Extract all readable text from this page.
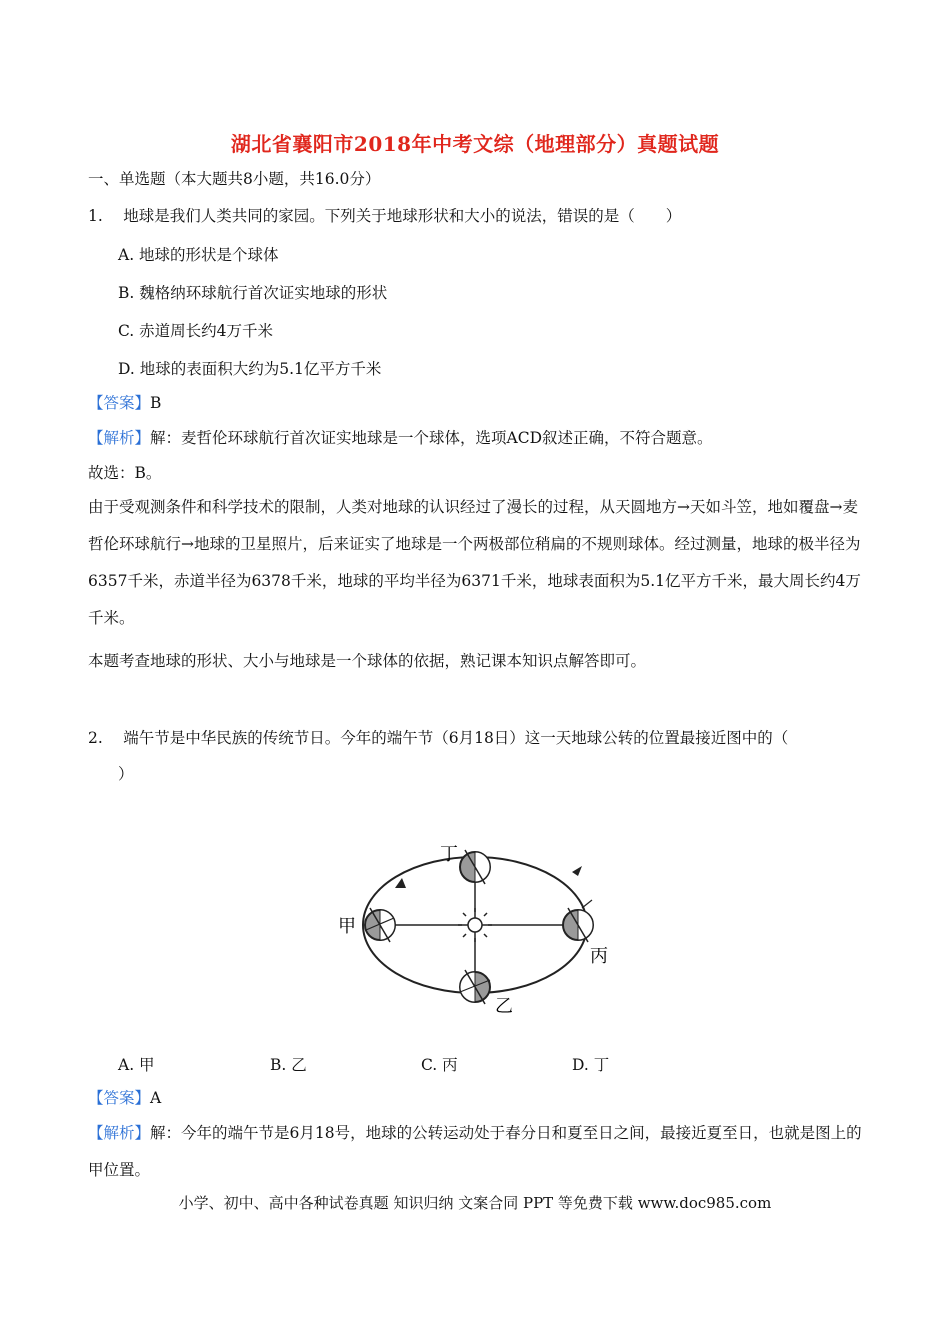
湖北省襄阳市2018年中考文综（地理部分）真题试题
一、单选题（本大题共8小题，共16.0分）
1.　 地球是我们人类共同的家园。下列关于地球形状和大小的说法，错误的是（　　）
A. 地球的形状是个球体
B. 魏格纳环球航行首次证实地球的形状
C. 赤道周长约4万千米
D. 地球的表面积大约为5.1亿平方千米
【答案】B
【解析】解：麦哲伦环球航行首次证实地球是一个球体，选项ACD叙述正确，不符合题意。
故选：B。
由于受观测条件和科学技术的限制，人类对地球的认识经过了漫长的过程，从天圆地方→天如斗笠，地如覆盘→麦哲伦环球航行→地球的卫星照片，后来证实了地球是一个两极部位稍扁的不规则球体。经过测量，地球的极半径为6357千米，赤道半径为6378千米，地球的平均半径为6371千米，地球表面积为5.1亿平方千米，最大周长约4万千米。
本题考查地球的形状、大小与地球是一个球体的依据，熟记课本知识点解答即可。
2.　 端午节是中华民族的传统节日。今年的端午节（6月18日）这一天地球公转的位置最接近图中的（
）
甲
丁
丙
乙
A. 甲	B. 乙	C. 丙	D. 丁
【答案】A
【解析】解：今年的端午节是6月18号，地球的公转运动处于春分日和夏至日之间，最接近夏至日，也就是图上的甲位置。
小学、初中、高中各种试卷真题 知识归纳 文案合同 PPT 等免费下载 www.doc985.com
